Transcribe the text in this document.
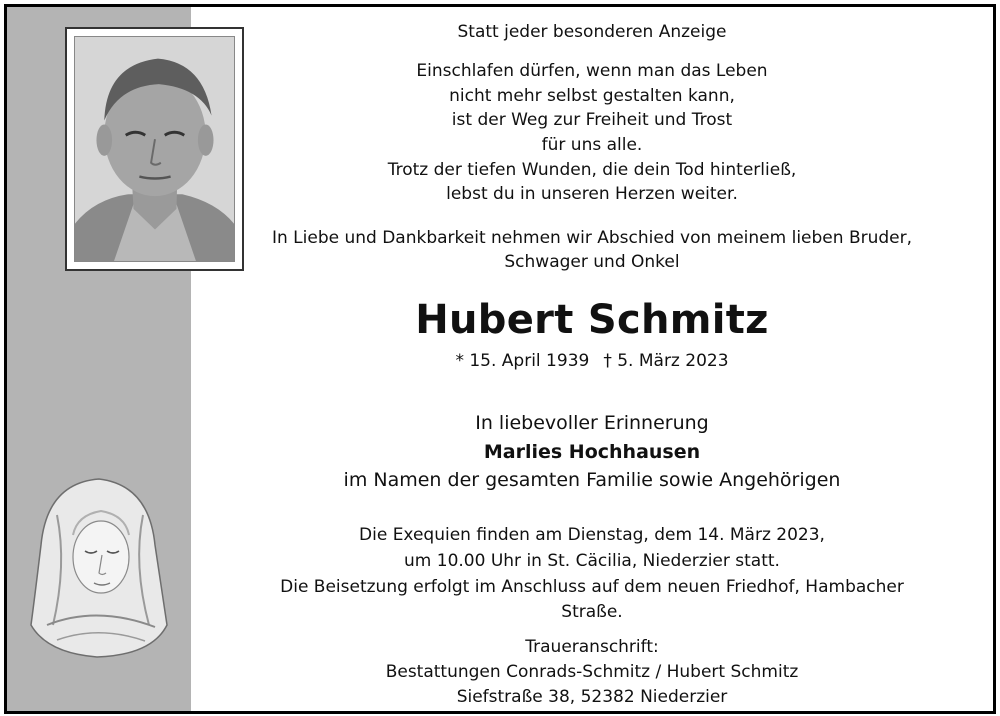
Statt jeder besonderen Anzeige
Einschlafen dürfen, wenn man das Leben
nicht mehr selbst gestalten kann,
ist der Weg zur Freiheit und Trost
für uns alle.
Trotz der tiefen Wunden, die dein Tod hinterließ,
lebst du in unseren Herzen weiter.
In Liebe und Dankbarkeit nehmen wir Abschied von meinem lieben Bruder,
Schwager und Onkel
Hubert Schmitz
* 15. April 1939 † 5. März 2023
In liebevoller Erinnerung
Marlies Hochhausen
im Namen der gesamten Familie sowie Angehörigen
Die Exequien finden am Dienstag, dem 14. März 2023,
um 10.00 Uhr in St. Cäcilia, Niederzier statt.
Die Beisetzung erfolgt im Anschluss auf dem neuen Friedhof, Hambacher
Straße.
Traueranschrift:
Bestattungen Conrads-Schmitz / Hubert Schmitz
Siefstraße 38, 52382 Niederzier
